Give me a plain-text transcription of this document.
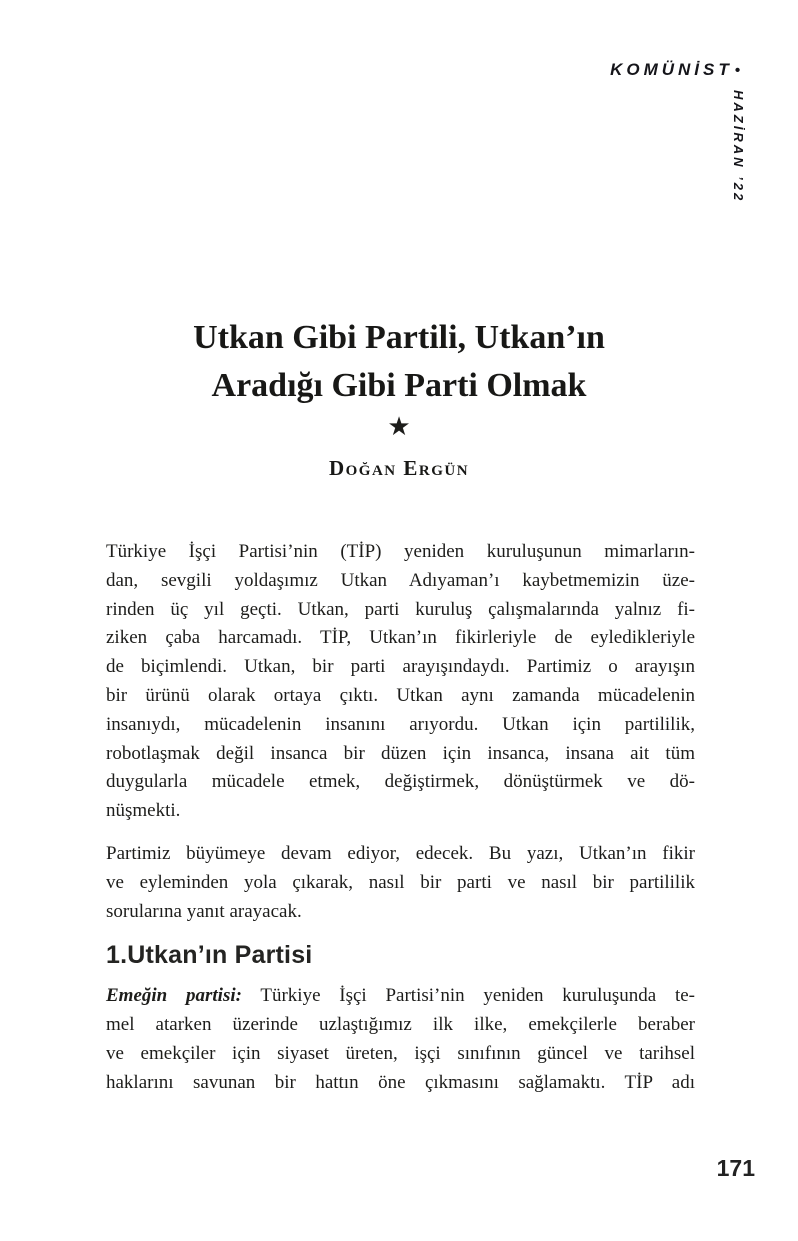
KOMÜNİST •
HAZİRAN ’22
Utkan Gibi Partili, Utkan’ın
Aradığı Gibi Parti Olmak
★
Doğan Ergün
Türkiye İşçi Partisi’nin (TİP) yeniden kuruluşunun mimarların-
dan, sevgili yoldaşımız Utkan Adıyaman’ı kaybetmemizin üze-
rinden üç yıl geçti. Utkan, parti kuruluş çalışmalarında yalnız fi-
ziken çaba harcamadı. TİP, Utkan’ın fikirleriyle de eyledikleriyle
de biçimlendi. Utkan, bir parti arayışındaydı. Partimiz o arayışın
bir ürünü olarak ortaya çıktı. Utkan aynı zamanda mücadelenin
insanıydı, mücadelenin insanını arıyordu. Utkan için partililik,
robotlaşmak değil insanca bir düzen için insanca, insana ait tüm
duygularla mücadele etmek, değiştirmek, dönüştürmek ve dö-
nüşmekti.
Partimiz büyümeye devam ediyor, edecek. Bu yazı, Utkan’ın fikir
ve eyleminden yola çıkarak, nasıl bir parti ve nasıl bir partililik
sorularına yanıt arayacak.
1.Utkan’ın Partisi
Emeğin partisi: Türkiye İşçi Partisi’nin yeniden kuruluşunda te-
mel atarken üzerinde uzlaştığımız ilk ilke, emekçilerle beraber
ve emekçiler için siyaset üreten, işçi sınıfının güncel ve tarihsel
haklarını savunan bir hattın öne çıkmasını sağlamaktı. TİP adı
171
